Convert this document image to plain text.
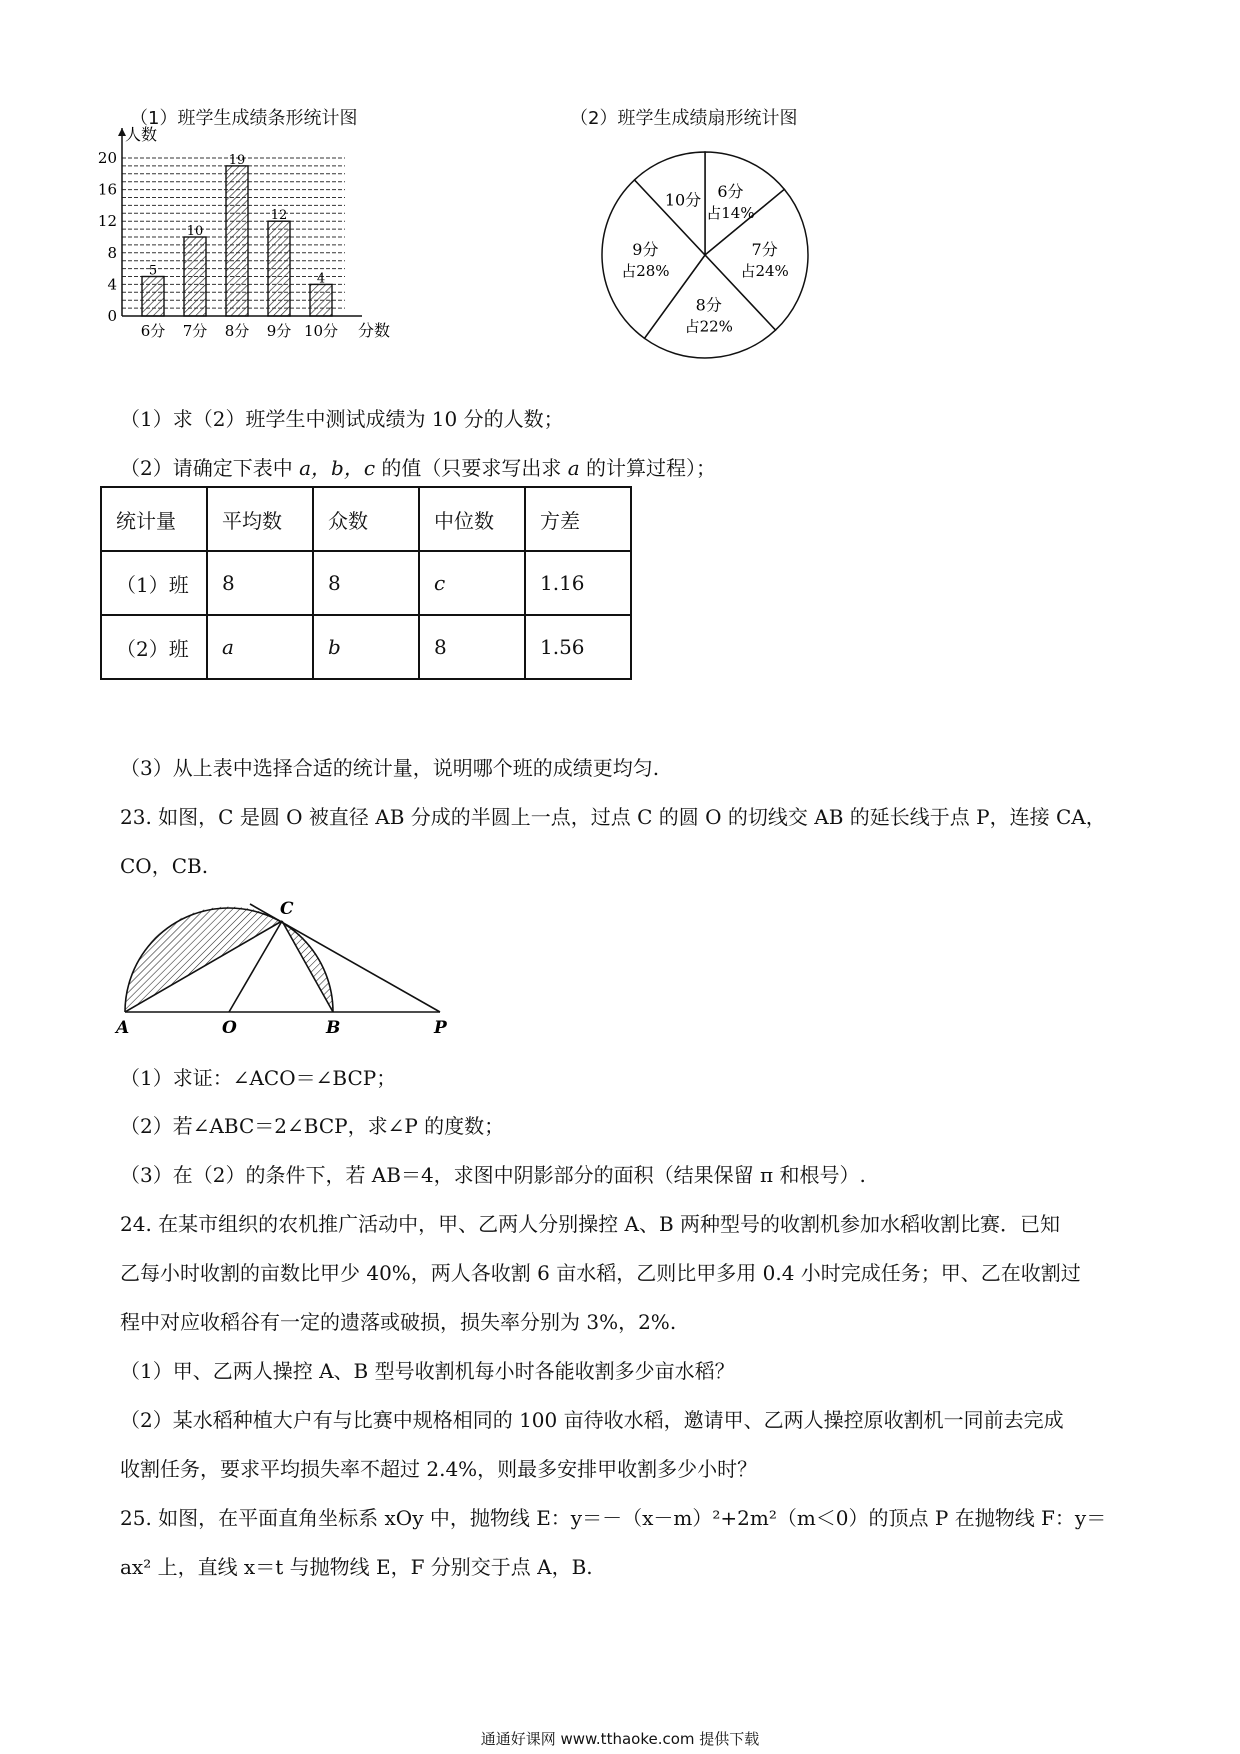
（1）班学生成绩条形统计图
人数
分数
0
4
8
12
16
20
5
6分
10
7分
19
8分
12
9分
4
10分
（2）班学生成绩扇形统计图
6分
占14%
7分
占24%
8分
占22%
9分
占28%
10分
（1）求（2）班学生中测试成绩为 10 分的人数；
（2）请确定下表中 a，b，c 的值（只要求写出求 a 的计算过程）；
统计量	平均数	众数	中位数	方差
（1）班	8	8	c	1.16
（2）班	a	b	8	1.56
（3）从上表中选择合适的统计量，说明哪个班的成绩更均匀.
23. 如图，C 是圆 O 被直径 AB 分成的半圆上一点，过点 C 的圆 O 的切线交 AB 的延长线于点 P，连接 CA，
CO，CB.
A	O	B	P
C
（1）求证：∠ACO＝∠BCP；
（2）若∠ABC＝2∠BCP，求∠P 的度数；
（3）在（2）的条件下，若 AB＝4，求图中阴影部分的面积（结果保留 π 和根号）.
24. 在某市组织的农机推广活动中，甲、乙两人分别操控 A、B 两种型号的收割机参加水稻收割比赛．已知
乙每小时收割的亩数比甲少 40%，两人各收割 6 亩水稻，乙则比甲多用 0.4 小时完成任务；甲、乙在收割过
程中对应收稻谷有一定的遗落或破损，损失率分别为 3%，2%.
（1）甲、乙两人操控 A、B 型号收割机每小时各能收割多少亩水稻？
（2）某水稻种植大户有与比赛中规格相同的 100 亩待收水稻，邀请甲、乙两人操控原收割机一同前去完成
收割任务，要求平均损失率不超过 2.4%，则最多安排甲收割多少小时？
25. 如图，在平面直角坐标系 xOy 中，抛物线 E：y＝－（x－m）²+2m²（m＜0）的顶点 P 在抛物线 F：y＝
ax² 上，直线 x＝t 与抛物线 E，F 分别交于点 A，B.
通通好课网 www.tthaoke.com 提供下载
